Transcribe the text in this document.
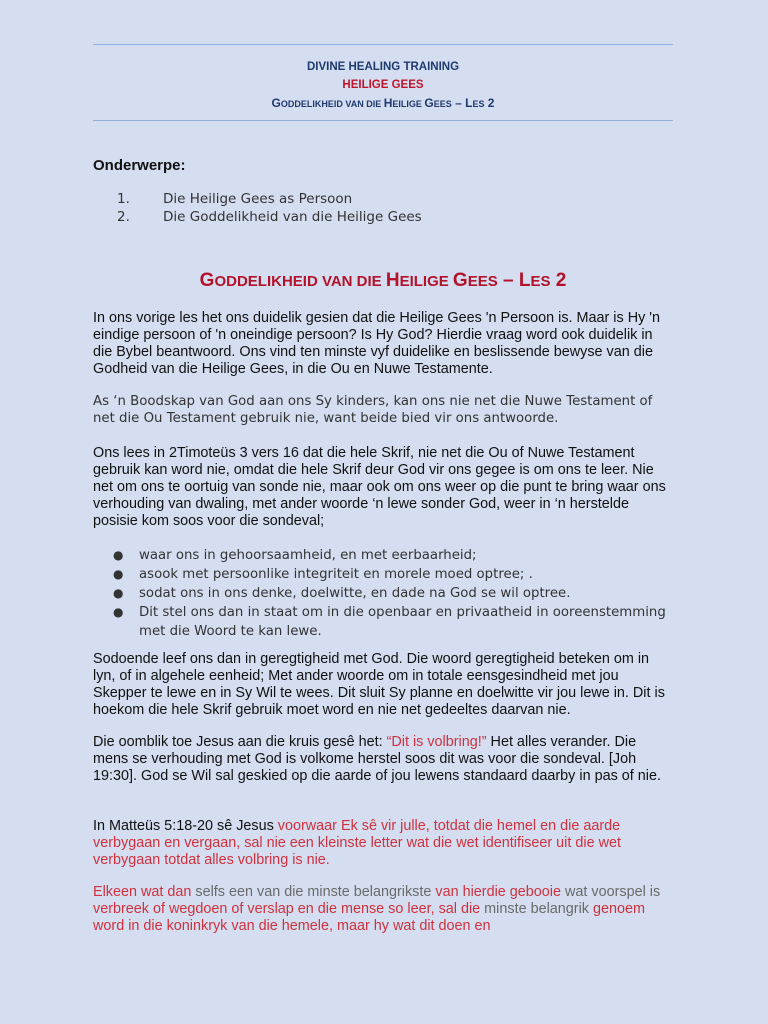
DIVINE HEALING TRAINING
HEILIGE GEES
GODDELIKHEID VAN DIE HEILIGE GEES – LES 2
Onderwerpe:
1.	Die Heilige Gees as Persoon
2.	Die Goddelikheid van die Heilige Gees
GODDELIKHEID VAN DIE HEILIGE GEES – LES 2
In ons vorige les het ons duidelik gesien dat die Heilige Gees 'n Persoon is. Maar is Hy 'n eindige persoon of 'n oneindige persoon? Is Hy God? Hierdie vraag word ook duidelik in die Bybel beantwoord. Ons vind ten minste vyf duidelike en beslissende bewyse van die Godheid van die Heilige Gees, in die Ou en Nuwe Testamente.
As ‘n Boodskap van God aan ons Sy kinders, kan ons nie net die Nuwe Testament of net die Ou Testament gebruik nie, want beide bied vir ons antwoorde.
Ons lees in 2Timoteüs 3 vers 16 dat die hele Skrif, nie net die Ou of Nuwe Testament gebruik kan word nie, omdat die hele Skrif deur God vir ons gegee is om ons te leer. Nie net om ons te oortuig van sonde nie, maar ook om ons weer op die punt te bring waar ons verhouding van dwaling, met ander woorde ‘n lewe sonder God, weer in ‘n herstelde posisie kom soos voor die sondeval;
●	waar ons in gehoorsaamheid, en met eerbaarheid;
●	asook met persoonlike integriteit en morele moed optree; .
●	sodat ons in ons denke, doelwitte, en dade na God se wil optree.
●	Dit stel ons dan in staat om in die openbaar en privaatheid in ooreenstemming met die Woord te kan lewe.
Sodoende leef ons dan in geregtigheid met God. Die woord geregtigheid beteken om in lyn, of in algehele eenheid; Met ander woorde om in totale eensgesindheid met jou Skepper te lewe en in Sy Wil te wees. Dit sluit Sy planne en doelwitte vir jou lewe in. Dit is hoekom die hele Skrif gebruik moet word en nie net gedeeltes daarvan nie.
Die oomblik toe Jesus aan die kruis gesê het: “Dit is volbring!” Het alles verander. Die mens se verhouding met God is volkome herstel soos dit was voor die sondeval. [Joh 19:30]. God se Wil sal geskied op die aarde of jou lewens standaard daarby in pas of nie.
In Matteüs 5:18-20 sê Jesus voorwaar Ek sê vir julle, totdat die hemel en die aarde verbygaan en vergaan, sal nie een kleinste letter wat die wet identifiseer uit die wet verbygaan totdat alles volbring is nie.
Elkeen wat dan selfs een van die minste belangrikste van hierdie gebooie wat voorspel is verbreek of wegdoen of verslap en die mense so leer, sal die minste belangrik genoem word in die koninkryk van die hemele, maar hy wat dit doen en
